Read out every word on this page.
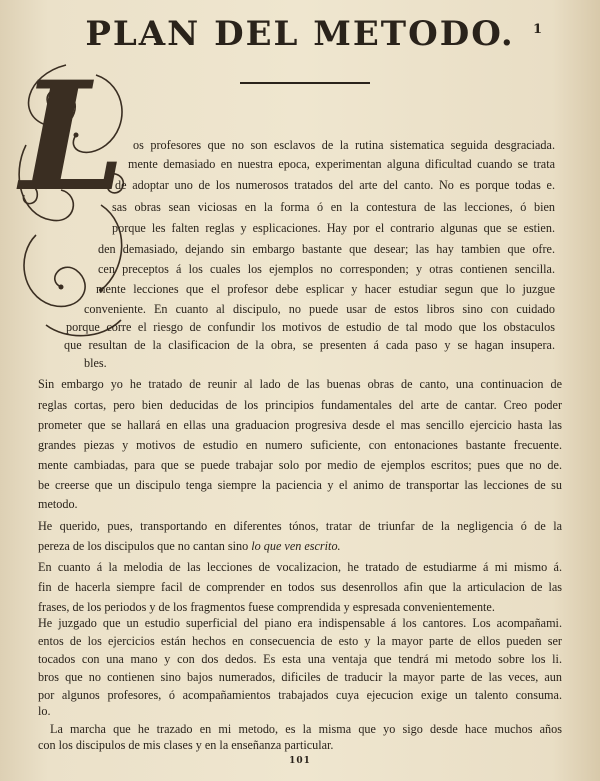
1
PLAN DEL METODO.
L os profesores que no son esclavos de la rutina sistematica seguida desgraciada.

mente demasiado en nuestra epoca, experimentan alguna dificultad cuando se trata

de adoptar uno de los numerosos tratados del arte del canto. No es porque todas e.

sas obras sean viciosas en la forma ó en la contestura de las lecciones, ó bien

porque les falten reglas y esplicaciones. Hay por el contrario algunas que se estien.

den demasiado, dejando sin embargo bastante que desear; las hay tambien que ofre.

cen preceptos á los cuales los ejemplos no corresponden; y otras contienen sencilla.

mente lecciones que el profesor debe esplicar y hacer estudiar segun que lo juzgue

conveniente. En cuanto al discipulo, no puede usar de estos libros sino con cuidado

porque corre el riesgo de confundir los motivos de estudio de tal modo que los obstaculos

que resultan de la clasificacion de la obra, se presenten á cada paso y se hagan insupera.

bles.

Sin embargo yo he tratado de reunir al lado de las buenas obras de canto, una continuacion de

reglas cortas, pero bien deducidas de los principios fundamentales del arte de cantar. Creo poder

prometer que se hallará en ellas una graduacion progresiva desde el mas sencillo ejercicio hasta las

grandes piezas y motivos de estudio en numero suficiente, con entonaciones bastante frecuente.

mente cambiadas, para que se puede trabajar solo por medio de ejemplos escritos; pues que no de.

be creerse que un discipulo tenga siempre la paciencia y el animo de transportar las lecciones de su

metodo.

He querido, pues, transportando en diferentes tónos, tratar de triunfar de la negligencia ó de la

pereza de los discipulos que no cantan sino lo que ven escrito.

En cuanto á la melodia de las lecciones de vocalizacion, he tratado de estudiarme á mi mismo á.

fin de hacerla siempre facil de comprender en todos sus desenrollos afin que la articulacion de las

frases, de los periodos y de los fragmentos fuese comprendida y espresada convenientemente.

He juzgado que un estudio superficial del piano era indispensable á los cantores. Los acompañami.

entos de los ejercicios están hechos en consecuencia de esto y la mayor parte de ellos pueden ser

tocados con una mano y con dos dedos. Es esta una ventaja que tendrá mi metodo sobre los li.

bros que no contienen sino bajos numerados, dificiles de traducir la mayor parte de las veces, aun

por algunos profesores, ó acompañamientos trabajados cuya ejecucion exige un talento consuma.

lo.

101

La marcha que he trazado en mi metodo, es la misma que yo sigo desde hace muchos años

con los discipulos de mis clases y en la enseñanza particular.
